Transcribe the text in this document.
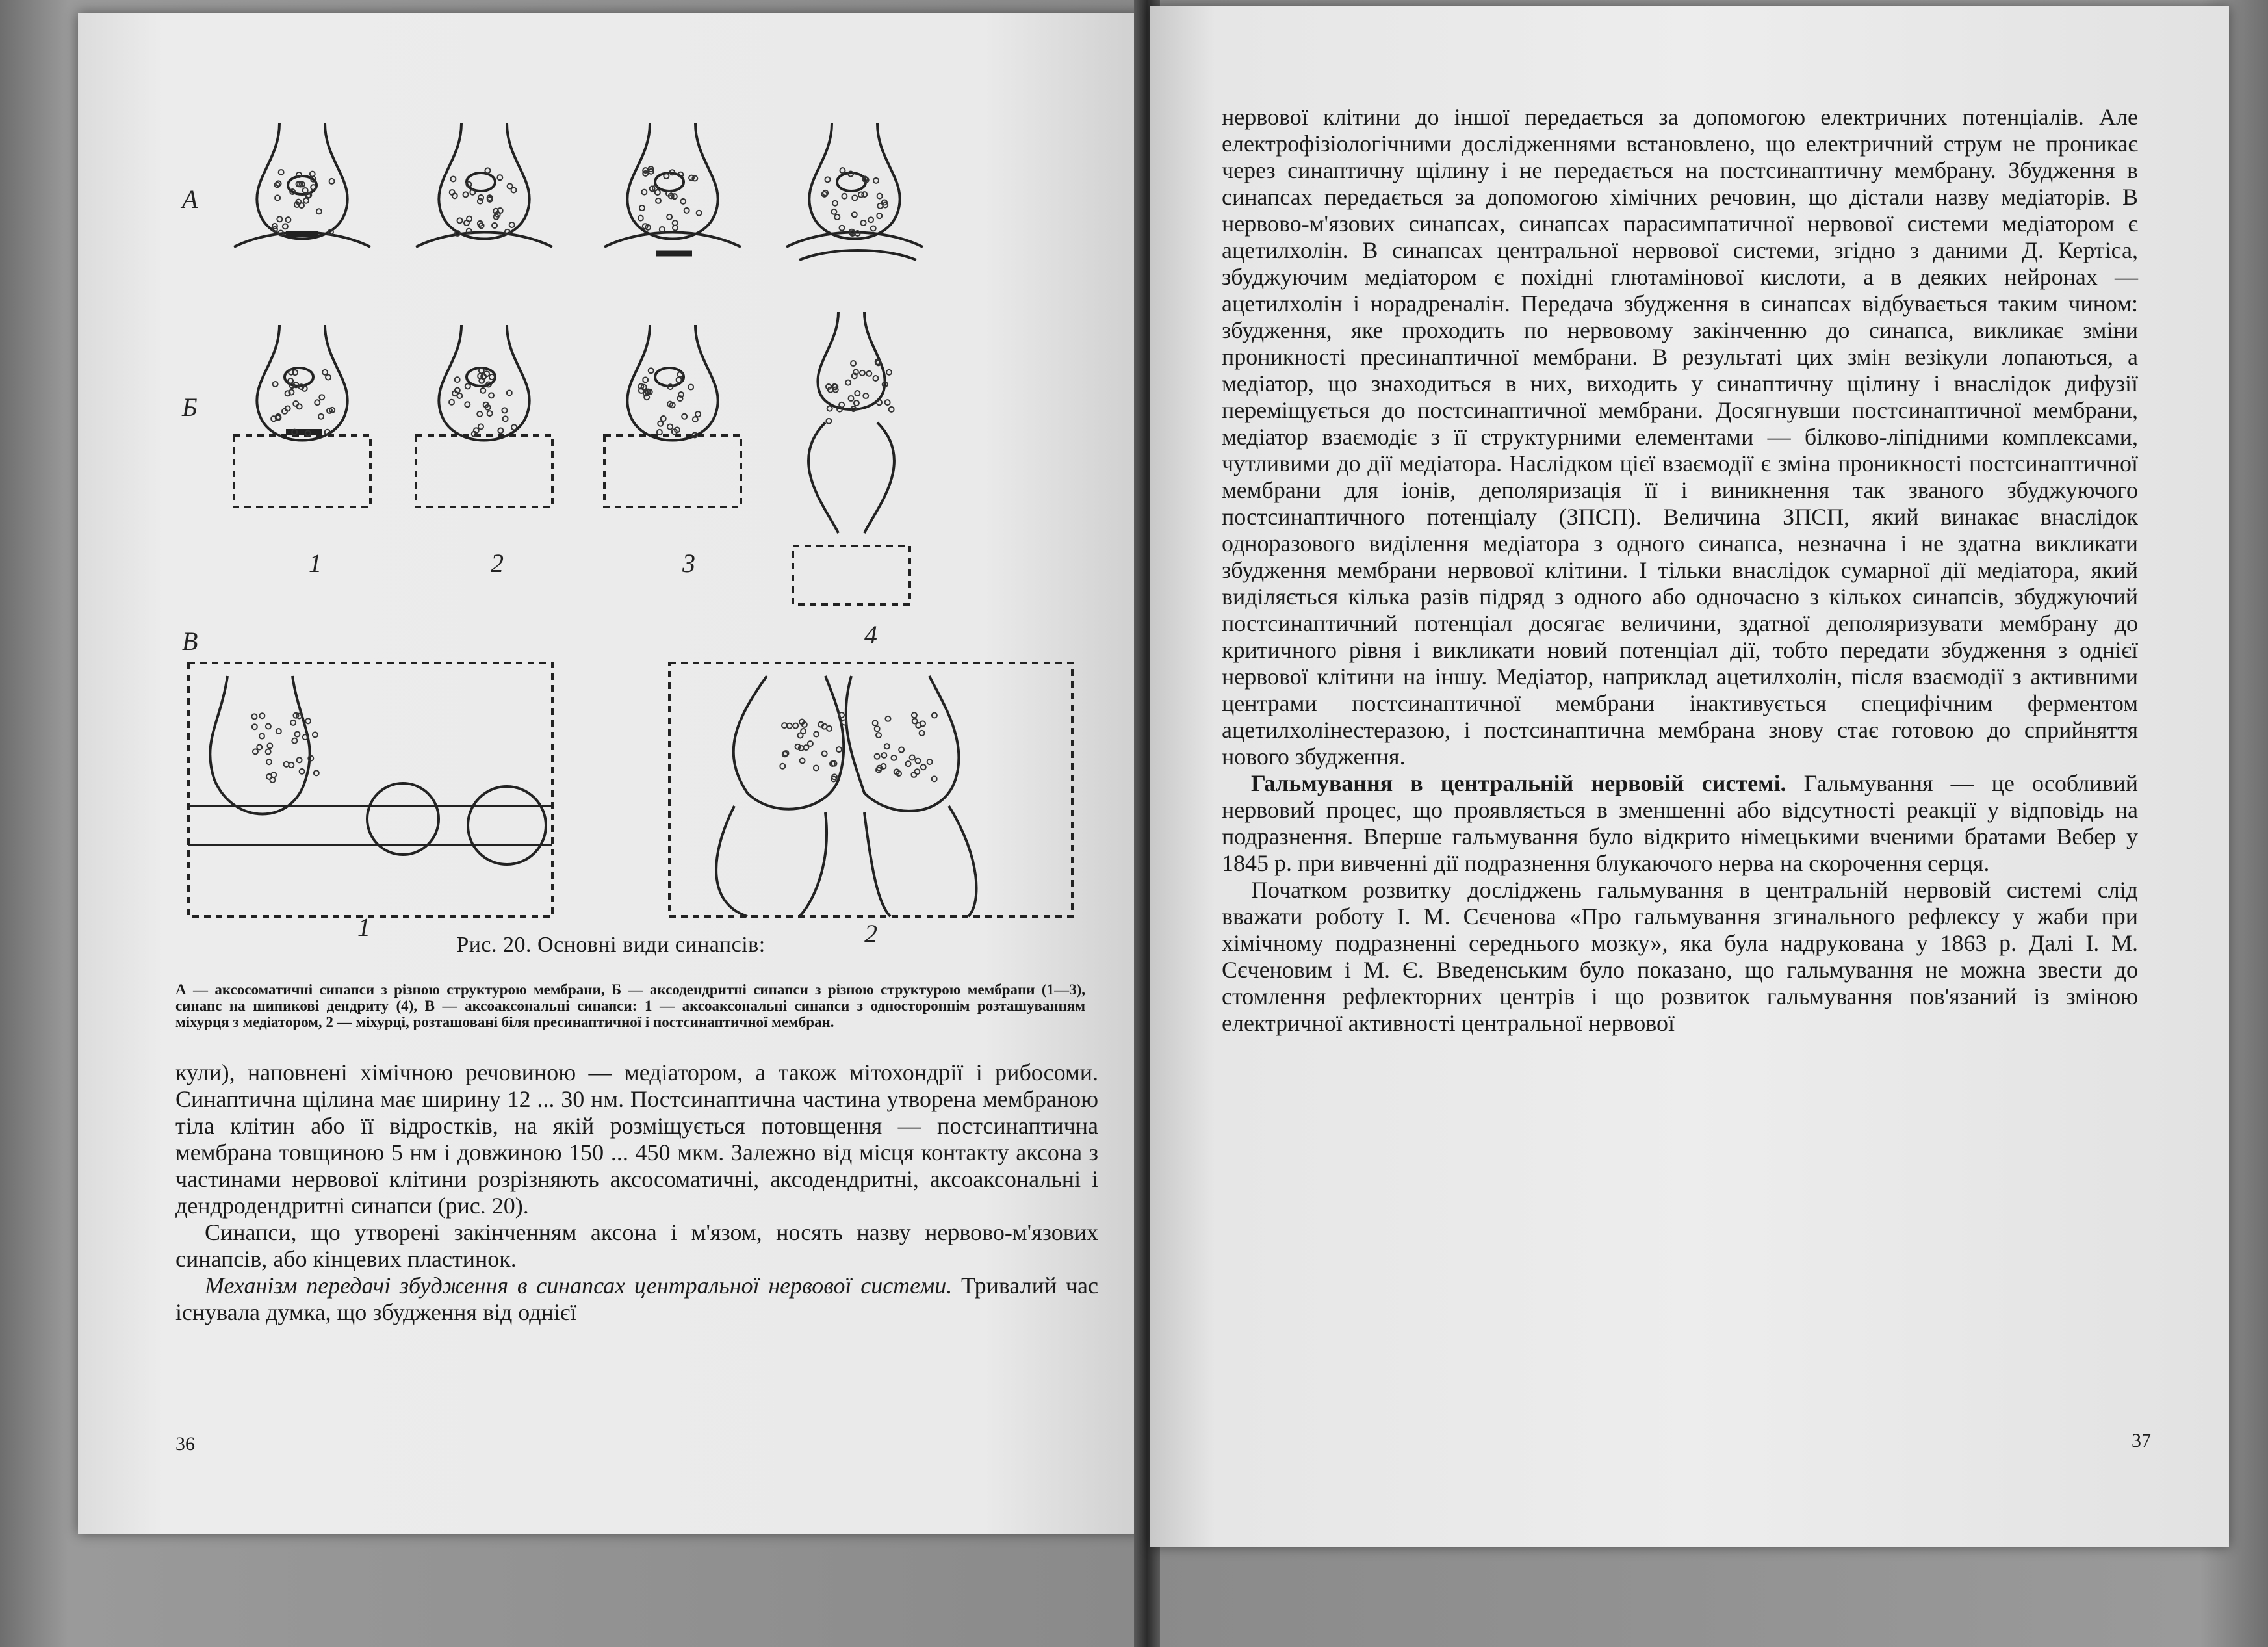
А
Б
В
1	2	3
4
1	2
Рис. 20. Основні види синапсів:
А — аксосоматичні синапси з різною структурою мембрани, Б — аксодендритні синапси з різною структурою мембрани (1—3), синапс на шипикові дендриту (4), В — аксоаксональні синапси: 1 — аксоаксональні синапси з одностороннім розташуванням міхурця з медіатором, 2 — міхурці, розташовані біля пресинаптичної і постсинаптичної мембран.

кули), наповнені хімічною речовиною — медіатором, а також мітохондрії і рибосоми. Синаптична щілина має ширину 12 ... 30 нм. Постсинаптична частина утворена мембраною тіла клітин або її відростків, на якій розміщується потовщення — постсинаптична мембрана товщиною 5 нм і довжиною 150 ... 450 мкм. Залежно від місця контакту аксона з частинами нервової клітини розрізняють аксосоматичні, аксодендритні, аксоаксональні і дендродендритні синапси (рис. 20).

Синапси, що утворені закінченням аксона і м'язом, носять назву нервово-м'язових синапсів, або кінцевих пластинок.

Механізм передачі збудження в синапсах центральної нервової системи. Тривалий час існувала думка, що збудження від однієї

36

нервової клітини до іншої передається за допомогою електричних потенціалів. Але електрофізіологічними дослідженнями встановлено, що електричний струм не проникає через синаптичну щілину і не передається на постсинаптичну мембрану. Збудження в синапсах передається за допомогою хімічних речовин, що дістали назву медіаторів. В нервово-м'язових синапсах, синапсах парасимпатичної нервової системи медіатором є ацетилхолін. В синапсах центральної нервової системи, згідно з даними Д. Кертіса, збуджуючим медіатором є похідні глютамінової кислоти, а в деяких нейронах — ацетилхолін і норадреналін. Передача збудження в синапсах відбувається таким чином: збудження, яке проходить по нервовому закінченню до синапса, викликає зміни проникності пресинаптичної мембрани. В результаті цих змін везікули лопаються, а медіатор, що знаходиться в них, виходить у синаптичну щілину і внаслідок дифузії переміщується до постсинаптичної мембрани. Досягнувши постсинаптичної мембрани, медіатор взаємодіє з її структурними елементами — білково-ліпідними комплексами, чутливими до дії медіатора. Наслідком цієї взаємодії є зміна проникності постсинаптичної мембрани для іонів, деполяризація її і виникнення так званого збуджуючого постсинаптичного потенціалу (ЗПСП). Величина ЗПСП, який винакає внаслідок одноразового виділення медіатора з одного синапса, незначна і не здатна викликати збудження мембрани нервової клітини. І тільки внаслідок сумарної дії медіатора, який виділяється кілька разів підряд з одного або одночасно з кількох синапсів, збуджуючий постсинаптичний потенціал досягає величини, здатної деполяризувати мембрану до критичного рівня і викликати новий потенціал дії, тобто передати збудження з однієї нервової клітини на іншу. Медіатор, наприклад ацетилхолін, після взаємодії з активними центрами постсинаптичної мембрани інактивується специфічним ферментом ацетилхолінестеразою, і постсинаптична мембрана знову стає готовою до сприйняття нового збудження.

Гальмування в центральній нервовій системі. Гальмування — це особливий нервовий процес, що проявляється в зменшенні або відсутності реакції у відповідь на подразнення. Вперше гальмування було відкрито німецькими вченими братами Вебер у 1845 р. при вивченні дії подразнення блукаючого нерва на скорочення серця.

Початком розвитку досліджень гальмування в центральній нервовій системі слід вважати роботу І. М. Сєченова «Про гальмування згинального рефлексу у жаби при хімічному подразненні середнього мозку», яка була надрукована у 1863 р. Далі І. М. Сєченовим і М. Є. Введенським було показано, що гальмування не можна звести до стомлення рефлекторних центрів і що розвиток гальмування пов'язаний із зміною електричної активності центральної нервової

37
